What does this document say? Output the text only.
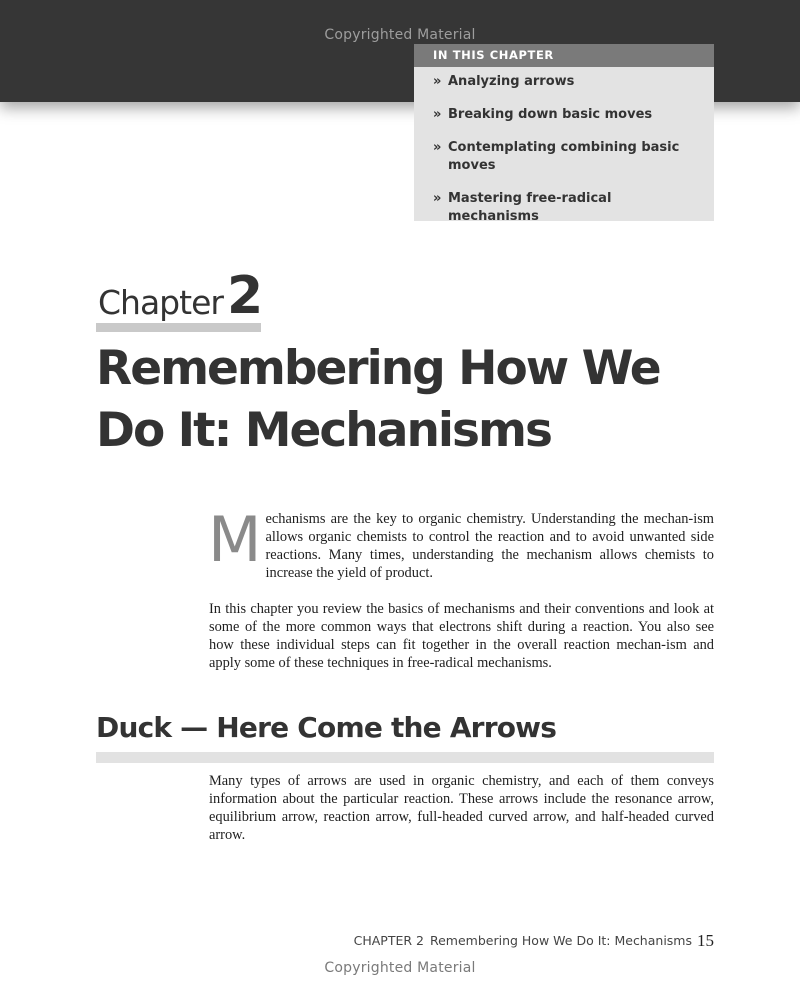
Copyrighted Material
IN THIS CHAPTER
» Analyzing arrows
» Breaking down basic moves
» Contemplating combining basic moves
» Mastering free-radical mechanisms
Chapter 2
Remembering How We Do It: Mechanisms

Mechanisms are the key to organic chemistry. Understanding the mechan-ism allows organic chemists to control the reaction and to avoid unwanted side reactions. Many times, understanding the mechanism allows chemists to increase the yield of product.

In this chapter you review the basics of mechanisms and their conventions and look at some of the more common ways that electrons shift during a reaction. You also see how these individual steps can fit together in the overall reaction mechan-ism and apply some of these techniques in free-radical mechanisms.

Duck — Here Come the Arrows

Many types of arrows are used in organic chemistry, and each of them conveys information about the particular reaction. These arrows include the resonance arrow, equilibrium arrow, reaction arrow, full-headed curved arrow, and half-headed curved arrow.

CHAPTER 2 Remembering How We Do It: Mechanisms 15
Copyrighted Material
